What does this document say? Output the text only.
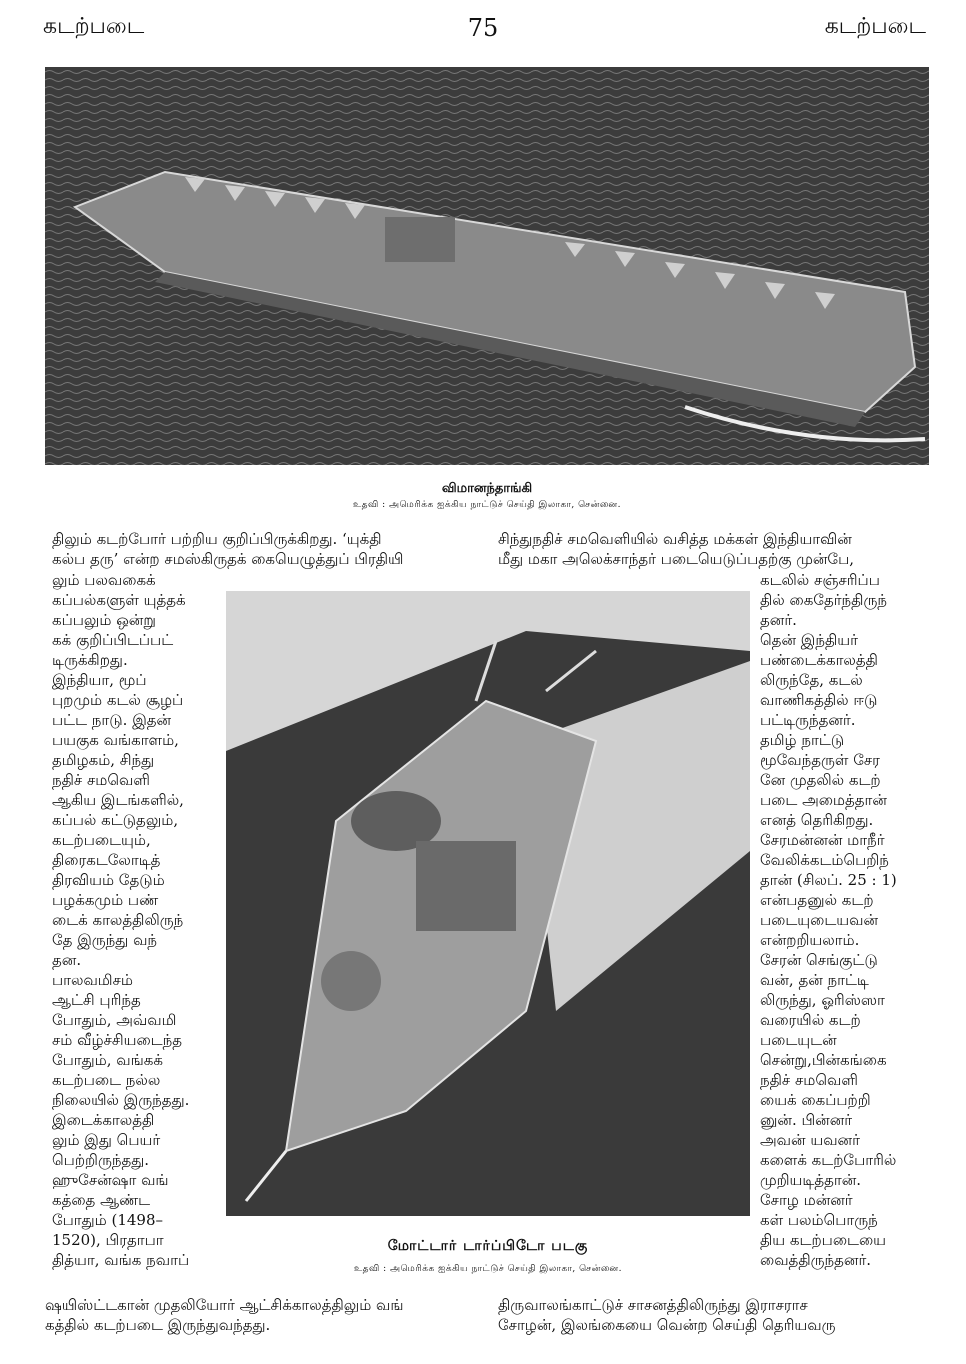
கடற்படை	75	கடற்படை
விமானந்தாங்கி
உதவி : அமெரிக்க ஐக்கிய நாட்டுச் செய்தி இலாகா, சென்னை.
மோட்டார் டார்ப்பிடோ படகு
உதவி : அமெரிக்க ஐக்கிய நாட்டுச் செய்தி இலாகா, சென்னை.
திலும் கடற்போர் பற்றிய குறிப்பிருக்கிறது. ‘யுக்தி
கல்ப தரு’ என்ற சமஸ்கிருதக் கையெழுத்துப் பிரதியி
லும் பலவகைக்
கப்பல்களுள் யுத்தக்
கப்பலும் ஒன்று
கக் குறிப்பிடப்பட்
டிருக்கிறது.
இந்தியா, மூப்
புறமும் கடல் சூழப்
பட்ட நாடு. இதன்
பயகுக வங்காளம்,
தமிழகம், சிந்து
நதிச் சமவெளி
ஆகிய இடங்களில்,
கப்பல் கட்டுதலும்,
கடற்படையும்,
திரைகடலோடித்
திரவியம் தேடும்
பழக்கமும் பண்
டைக் காலத்திலிருந்
தே இருந்து வந்
தன.
பாலவமிசம்
ஆட்சி புரிந்த
போதும், அவ்வமி
சம் வீழ்ச்சியடைந்த
போதும், வங்கக்
கடற்படை நல்ல
நிலையில் இருந்தது.
இடைக்காலத்தி
லும் இது பெயர்
பெற்றிருந்தது.
ஹுசேன்ஷா வங்
கத்தை ஆண்ட
போதும் (1498–
1520), பிரதாபா
தித்யா, வங்க நவாப்
சிந்துநதிச் சமவெளியில் வசித்த மக்கள் இந்தியாவின்
மீது மகா அலெக்சாந்தர் படையெடுப்பதற்கு முன்பே,
கடலில் சஞ்சரிப்ப
தில் கைதேர்ந்திருந்
தனர்.
தென் இந்தியர்
பண்டைக்காலத்தி
லிருந்தே, கடல்
வாணிகத்தில் ஈடு
பட்டிருந்தனர்.
தமிழ் நாட்டு
மூவேந்தருள் சேர
னே முதலில் கடற்
படை அமைத்தான்
எனத் தெரிகிறது.
சேரமன்னன் மாநீர்
வேலிக்கடம்பெறிந்
தான் (சிலப். 25 : 1)
என்பதனுல் கடற்
படையுடையவன்
என்றறியலாம்.
சேரன் செங்குட்டு
வன், தன் நாட்டி
லிருந்து, ஓரிஸ்ஸா
வரையில் கடற்
படையுடன்
சென்று,பின்கங்கை
நதிச் சமவெளி
யைக் கைப்பற்றி
னுன். பின்னர்
அவன் யவனர்
களைக் கடற்போரில்
முறியடித்தான்.
சோழ மன்னர்
கள் பலம்பொருந்
திய கடற்படையை
வைத்திருந்தனர்.
ஷயிஸ்ட்டகான் முதலியோர் ஆட்சிக்காலத்திலும் வங்
கத்தில் கடற்படை இருந்துவந்தது.
திருவாலங்காட்டுச் சாசனத்திலிருந்து இராசராச
சோழன், இலங்கையை வென்ற செய்தி தெரியவரு
